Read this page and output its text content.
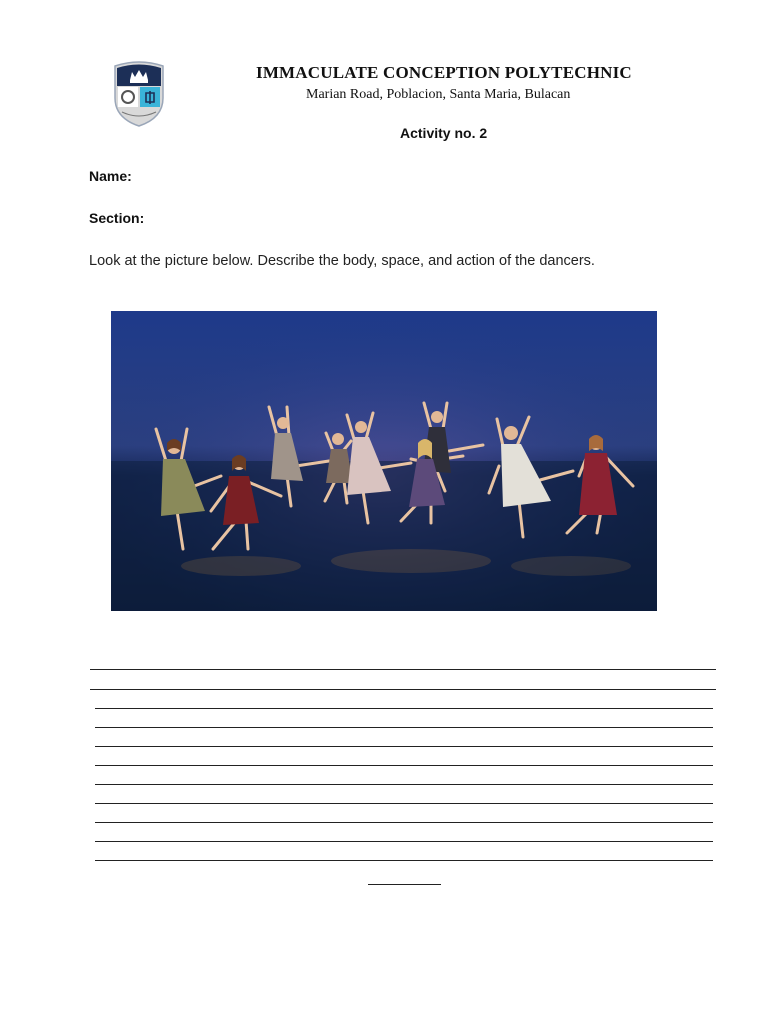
IMMACULATE CONCEPTION POLYTECHNIC
Marian Road, Poblacion, Santa Maria, Bulacan
Activity no. 2
Name:
Section:
Look at the picture below. Describe the body, space, and action of the dancers.
